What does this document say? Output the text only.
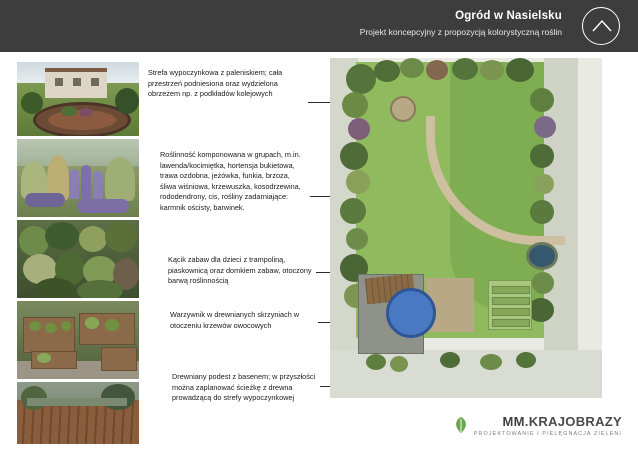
Ogród w Nasielsku
Projekt koncepcyjny z propozycją kolorystyczną roślin
Strefa wypoczynkowa z paleniskiem; cała przestrzeń podniesiona oraz wydzielona obrzeżem np. z podkładów kolejowych
Roślinność komponowana w grupach, m.in. lawenda/kocimiętka, hortensja bukietowa, trawa ozdobna, jeżówka, funkia, brzoza, śliwa wiśniowa, krzewuszka, kosodrzewina, rododendrony, cis, rośliny zadarniające: karmnik ościsty, barwinek.
Kącik zabaw dla dzieci z trampoliną, piaskownicą oraz domkiem zabaw, otoczony barwą roślinnością
Warzywnik w drewnianych skrzyniach w otoczeniu krzewów owocowych
Drewniany podest z basenem; w przyszłości można zaplanować ścieżkę z drewna prowadzącą do strefy wypoczynkowej
MM.KRAJOBRAZY
PROJEKTOWANIE I PIELĘGNACJA ZIELENI
